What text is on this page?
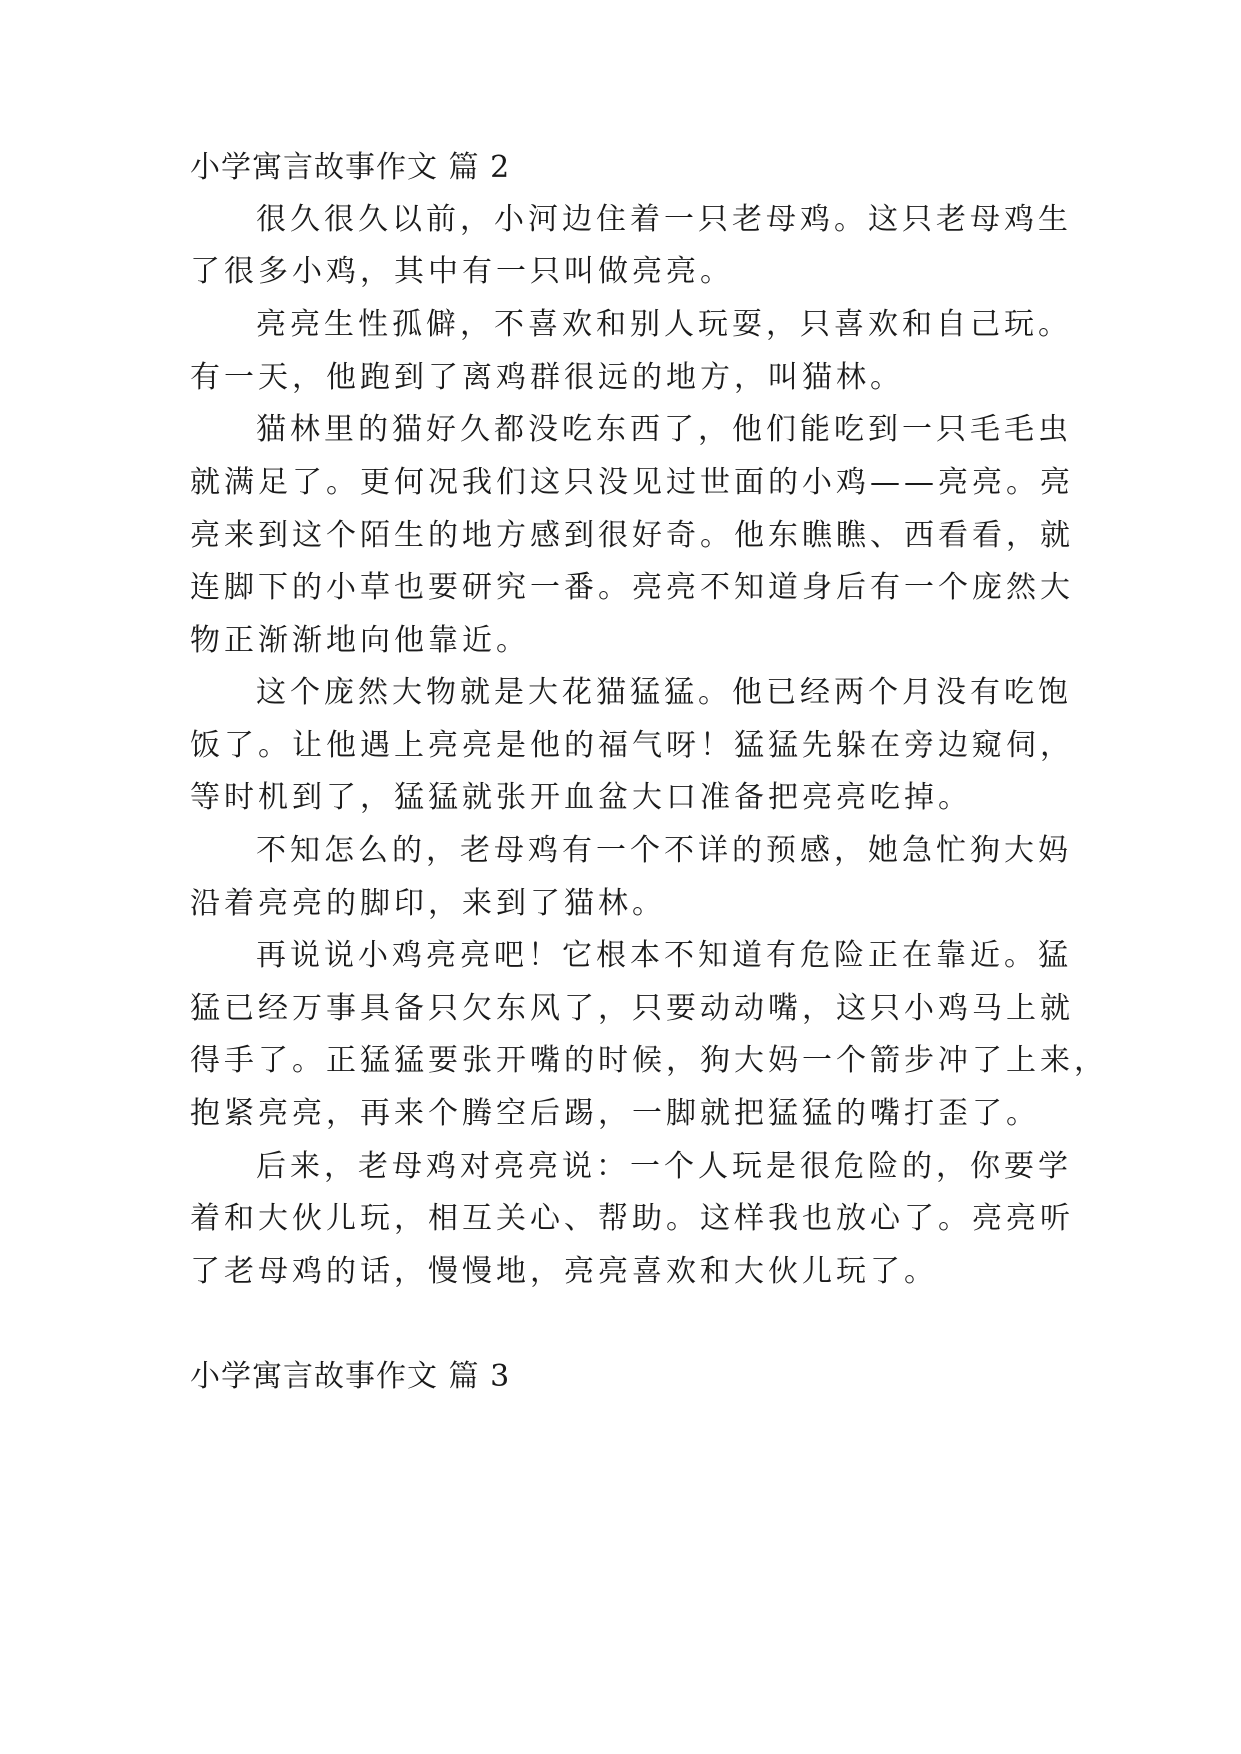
小学寓言故事作文 篇 2
很久很久以前，小河边住着一只老母鸡。这只老母鸡生
了很多小鸡，其中有一只叫做亮亮。
亮亮生性孤僻，不喜欢和别人玩耍，只喜欢和自己玩。
有一天，他跑到了离鸡群很远的地方，叫猫林。
猫林里的猫好久都没吃东西了，他们能吃到一只毛毛虫
就满足了。更何况我们这只没见过世面的小鸡——亮亮。亮
亮来到这个陌生的地方感到很好奇。他东瞧瞧、西看看，就
连脚下的小草也要研究一番。亮亮不知道身后有一个庞然大
物正渐渐地向他靠近。
这个庞然大物就是大花猫猛猛。他已经两个月没有吃饱
饭了。让他遇上亮亮是他的福气呀！猛猛先躲在旁边窥伺，
等时机到了，猛猛就张开血盆大口准备把亮亮吃掉。
不知怎么的，老母鸡有一个不详的预感，她急忙狗大妈
沿着亮亮的脚印，来到了猫林。
再说说小鸡亮亮吧！它根本不知道有危险正在靠近。猛
猛已经万事具备只欠东风了，只要动动嘴，这只小鸡马上就
得手了。正猛猛要张开嘴的时候，狗大妈一个箭步冲了上来，
抱紧亮亮，再来个腾空后踢，一脚就把猛猛的嘴打歪了。
后来，老母鸡对亮亮说：一个人玩是很危险的，你要学
着和大伙儿玩，相互关心、帮助。这样我也放心了。亮亮听
了老母鸡的话，慢慢地，亮亮喜欢和大伙儿玩了。
小学寓言故事作文 篇 3
